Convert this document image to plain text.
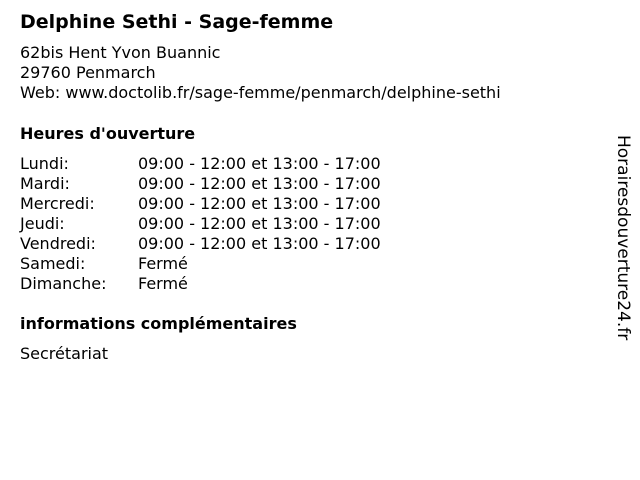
Delphine Sethi - Sage-femme
62bis Hent Yvon Buannic
29760 Penmarch
Web: www.doctolib.fr/sage-femme/penmarch/delphine-sethi
Heures d'ouverture
Lundi:	09:00 - 12:00 et 13:00 - 17:00
Mardi:	09:00 - 12:00 et 13:00 - 17:00
Mercredi:	09:00 - 12:00 et 13:00 - 17:00
Jeudi:	09:00 - 12:00 et 13:00 - 17:00
Vendredi:	09:00 - 12:00 et 13:00 - 17:00
Samedi:	Fermé
Dimanche:	Fermé
informations complémentaires
Secrétariat
Horairesdouverture24.fr
